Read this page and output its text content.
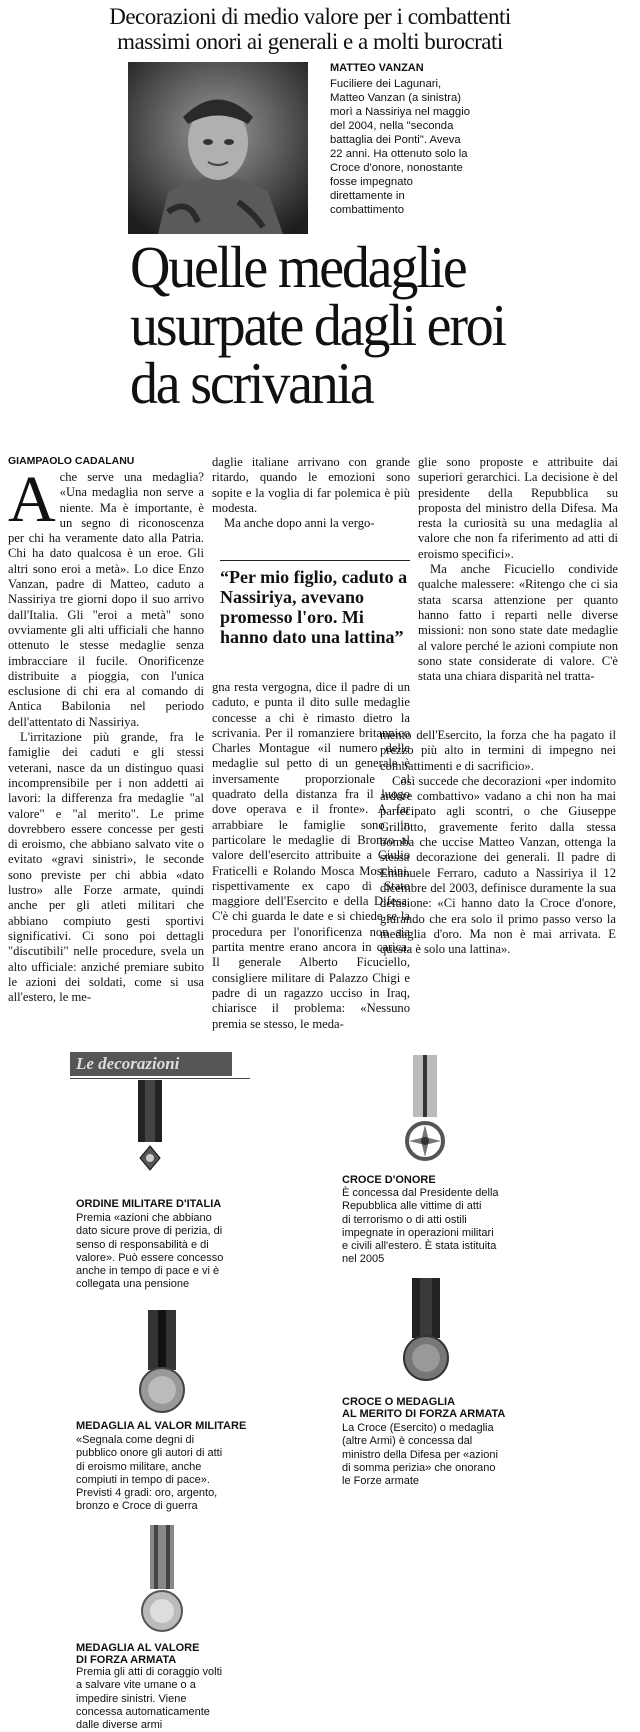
Decorazioni di medio valore per i combattenti
massimi onori ai generali e a molti burocrati
MATTEO VANZAN
Fuciliere dei Lagunari,
Matteo Vanzan (a sinistra)
morì a Nassiriya nel maggio
del 2004, nella "seconda
battaglia dei Ponti". Aveva
22 anni. Ha ottenuto solo la
Croce d'onore, nonostante
fosse impegnato
direttamente in
combattimento
Quelle medaglie
usurpate dagli eroi
da scrivania
GIAMPAOLO CADALANU

Ache serve una medaglia? «Una medaglia non serve a niente. Ma è importante, è un segno di riconoscenza per chi ha veramente dato alla Patria. Chi ha dato qualcosa è un eroe. Gli altri sono eroi a metà». Lo dice Enzo Vanzan, padre di Matteo, caduto a Nassiriya tre giorni dopo il suo arrivo dall'Italia. Gli "eroi a metà" sono ovviamente gli alti ufficiali che hanno ottenuto le stesse medaglie senza imbracciare il fucile. Onorificenze distribuite a pioggia, con l'unica esclusione di chi era al comando di Antica Babilonia nel periodo dell'attentato di Nassiriya.

L'irritazione più grande, fra le famiglie dei caduti e gli stessi veterani, nasce da un distinguo quasi incomprensibile per i non addetti ai lavori: la differenza fra medaglie "al valore" e "al merito". Le prime dovrebbero essere concesse per gesti di eroismo, che abbiano salvato vite o evitato «gravi sinistri», le seconde sono previste per chi abbia «dato lustro» alle Forze armate, quindi anche per gli atleti militari che abbiano compiuto gesti sportivi significativi. Ci sono poi dettagli "discutibili" nelle procedure, svela un alto ufficiale: anziché premiare subito le azioni dei soldati, come si usa all'estero, le me-

daglie italiane arrivano con grande ritardo, quando le emozioni sono sopite e la voglia di far polemica è più modesta.

Ma anche dopo anni la vergo-

“Per mio figlio, caduto a Nassiriya, avevano promesso l'oro. Mi hanno dato una lattina”

gna resta vergogna, dice il padre di un caduto, e punta il dito sulle medaglie concesse a chi è rimasto dietro la scrivania. Per il romanziere britannico Charles Montague «il numero delle medaglie sul petto di un generale è inversamente proporzionale al quadrato della distanza fra il luogo dove operava e il fronte». A far arrabbiare le famiglie sono in particolare le medaglie di Bronzo al valore dell'esercito attribuite a Giulio Fraticelli e Rolando Mosca Moschini, rispettivamente ex capo di Stato maggiore dell'Esercito e della Difesa. C'è chi guarda le date e si chiede se la procedura per l'onorificenza non sia partita mentre erano ancora in carica. Il generale Alberto Ficuciello, consigliere militare di Palazzo Chigi e padre di un ragazzo ucciso in Iraq, chiarisce il problema: «Nessuno premia se stesso, le meda-

glie sono proposte e attribuite dai superiori gerarchici. La decisione è del presidente della Repubblica su proposta del ministro della Difesa. Ma resta la curiosità su una medaglia al valore che non fa riferimento ad atti di eroismo specifici».

Ma anche Ficuciello condivide qualche malessere: «Ritengo che ci sia stata scarsa attenzione per quanto hanno fatto i reparti nelle diverse missioni: non sono state date medaglie al valore perché le azioni compiute non sono state considerate di valore. C'è stata una chiara disparità nel tratta-

mento dell'Esercito, la forza che ha pagato il prezzo più alto in termini di impegno nei combattimenti e di sacrificio».

Così succede che decorazioni «per indomito ardore combattivo» vadano a chi non ha mai partecipato agli scontri, o che Giuseppe Grillotto, gravemente ferito dalla stessa bomba che uccise Matteo Vanzan, ottenga la stessa decorazione dei generali. Il padre di Emanuele Ferraro, caduto a Nassiriya il 12 dicembre del 2003, definisce duramente la sua delusione: «Ci hanno dato la Croce d'onore, giurando che era solo il primo passo verso la medaglia d'oro. Ma non è mai arrivata. E questa è solo una lattina».

Le decorazioni
ORDINE MILITARE D'ITALIA
Premia «azioni che abbiano
dato sicure prove di perizia, di
senso di responsabilità e di
valore». Può essere concesso
anche in tempo di pace e vi è
collegata una pensione
CROCE D'ONORE
È concessa dal Presidente della
Repubblica alle vittime di atti
di terrorismo o di atti ostili
impegnate in operazioni militari
e civili all'estero. È stata istituita
nel 2005
MEDAGLIA AL VALOR MILITARE
«Segnala come degni di
pubblico onore gli autori di atti
di eroismo militare, anche
compiuti in tempo di pace».
Previsti 4 gradi: oro, argento,
bronzo e Croce di guerra
CROCE O MEDAGLIA
AL MERITO DI FORZA ARMATA
La Croce (Esercito) o medaglia
(altre Armi) è concessa dal
ministro della Difesa per «azioni
di somma perizia» che onorano
le Forze armate
MEDAGLIA AL VALORE
DI FORZA ARMATA
Premia gli atti di coraggio volti
a salvare vite umane o a
impedire sinistri. Viene
concessa automaticamente
dalle diverse armi
